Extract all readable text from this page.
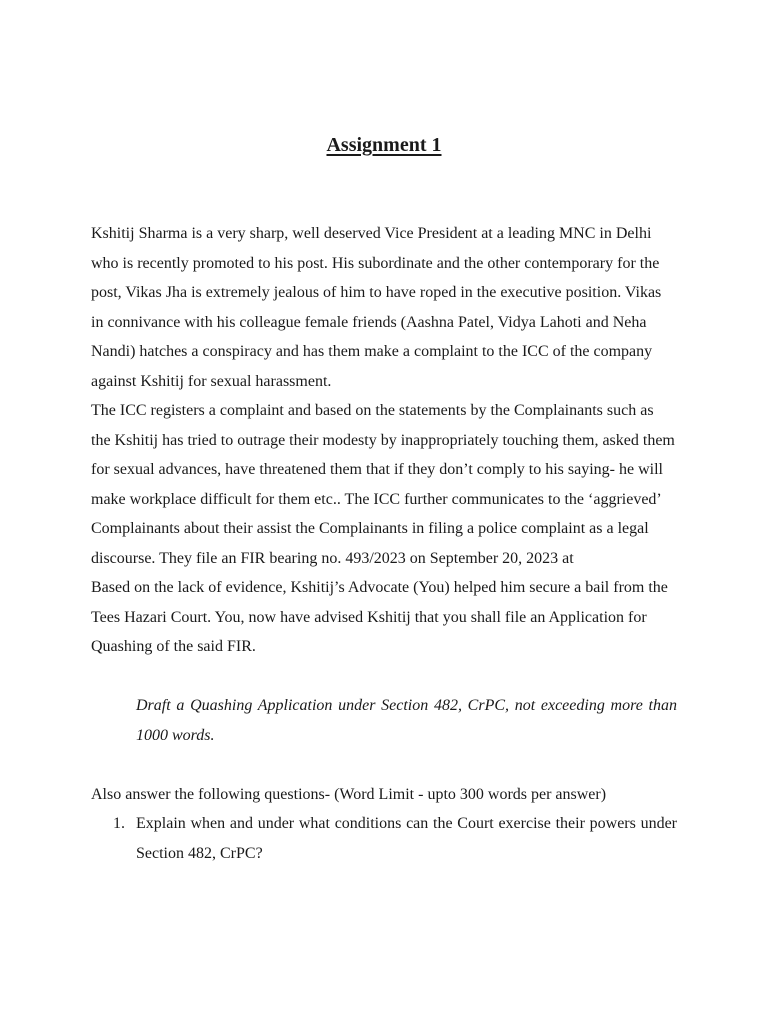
Assignment 1

Kshitij Sharma is a very sharp, well deserved Vice President at a leading MNC in Delhi who is recently promoted to his post. His subordinate and the other contemporary for the post, Vikas Jha is extremely jealous of him to have roped in the executive position. Vikas in connivance with his colleague female friends (Aashna Patel, Vidya Lahoti and Neha Nandi) hatches a conspiracy and has them make a complaint to the ICC of the company against Kshitij for sexual harassment.

The ICC registers a complaint and based on the statements by the Complainants such as the Kshitij has tried to outrage their modesty by inappropriately touching them, asked them for sexual advances, have threatened them that if they don’t comply to his saying- he will make workplace difficult for them etc.. The ICC further communicates to the ‘aggrieved’ Complainants about their assist the Complainants in filing a police complaint as a legal discourse. They file an FIR bearing no. 493/2023 on September 20, 2023 at

Based on the lack of evidence, Kshitij’s Advocate (You) helped him secure a bail from the Tees Hazari Court. You, now have advised Kshitij that you shall file an Application for Quashing of the said FIR.

Draft a Quashing Application under Section 482, CrPC, not exceeding more than 1000 words.

Also answer the following questions- (Word Limit - upto 300 words per answer)

1. Explain when and under what conditions can the Court exercise their powers under Section 482, CrPC?
